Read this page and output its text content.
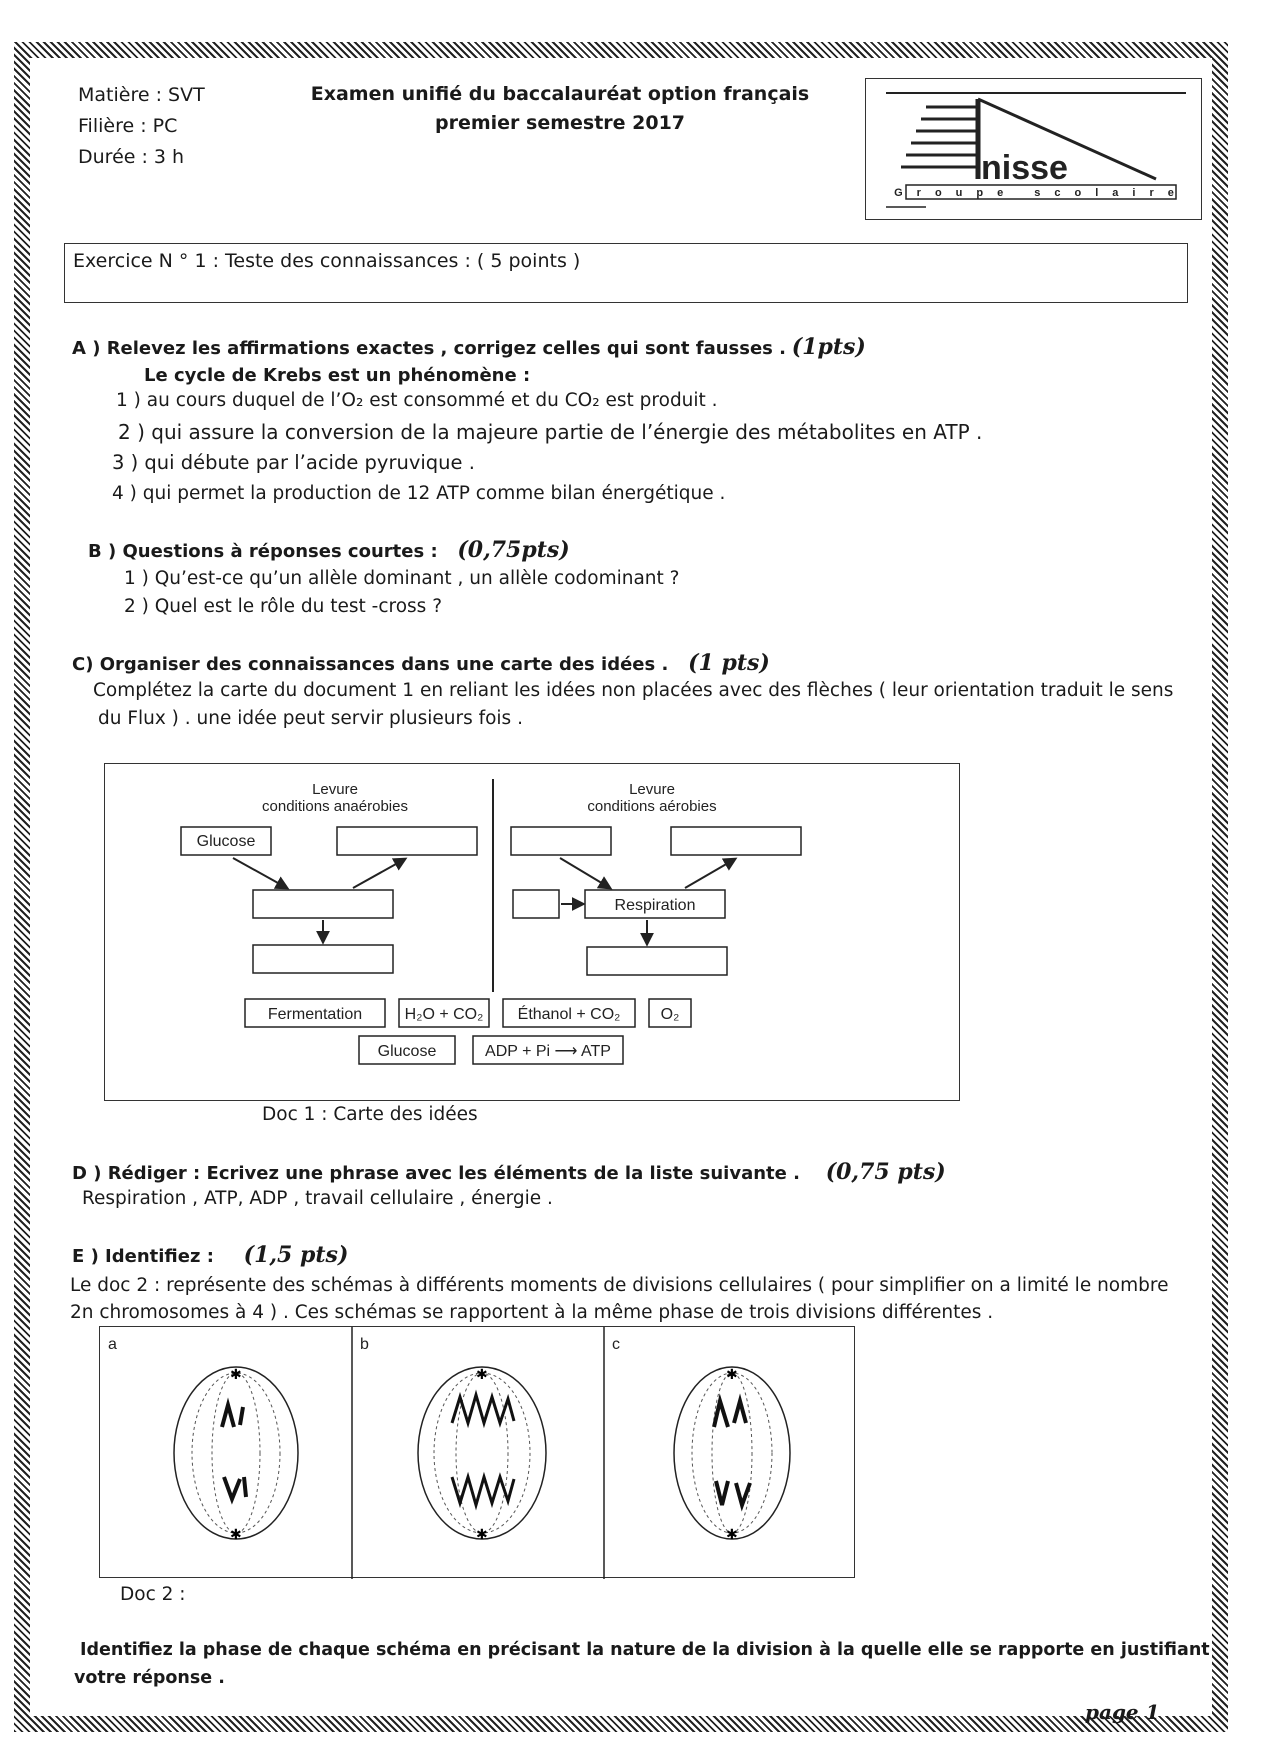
Matière : SVT
Filière : PC
Durée : 3 h
Examen unifié du baccalauréat option français
premier semestre 2017
nisse
Groupe scolaire
Exercice N ° 1 : Teste des connaissances : ( 5 points )
A ) Relevez les affirmations exactes , corrigez celles qui sont fausses . (1pts)
Le cycle de Krebs est un phénomène :
1 ) au cours duquel de l’O₂ est consommé et du CO₂ est produit .
2 ) qui assure la conversion de la majeure partie de l’énergie des métabolites en ATP .
3 ) qui débute par l’acide pyruvique .
4 ) qui permet la production de 12 ATP comme bilan énergétique .
B ) Questions à réponses courtes : (0,75pts)
1 ) Qu’est-ce qu’un allèle dominant , un allèle codominant ?
2 ) Quel est le rôle du test -cross ?
C) Organiser des connaissances dans une carte des idées . (1 pts)
Complétez la carte du document 1 en reliant les idées non placées avec des flèches ( leur orientation traduit le sens
du Flux ) . une idée peut servir plusieurs fois .
Levure
conditions anaérobies
Levure
conditions aérobies
Glucose
Respiration
Fermentation	H₂O + CO₂ Éthanol + CO₂	O₂
Glucose	ADP + Pi ⟶ ATP
Doc 1 : Carte des idées
D ) Rédiger : Ecrivez une phrase avec les éléments de la liste suivante . (0,75 pts)
Respiration , ATP, ADP , travail cellulaire , énergie .
E ) Identifiez : (1,5 pts)
Le doc 2 : représente des schémas à différents moments de divisions cellulaires ( pour simplifier on a limité le nombre
2n chromosomes à 4 ) . Ces schémas se rapportent à la même phase de trois divisions différentes .
a	b	c
✱
✱
✱
✱
✱
✱
Doc 2 :
Identifiez la phase de chaque schéma en précisant la nature de la division à la quelle elle se rapporte en justifiant
votre réponse .
page 1
